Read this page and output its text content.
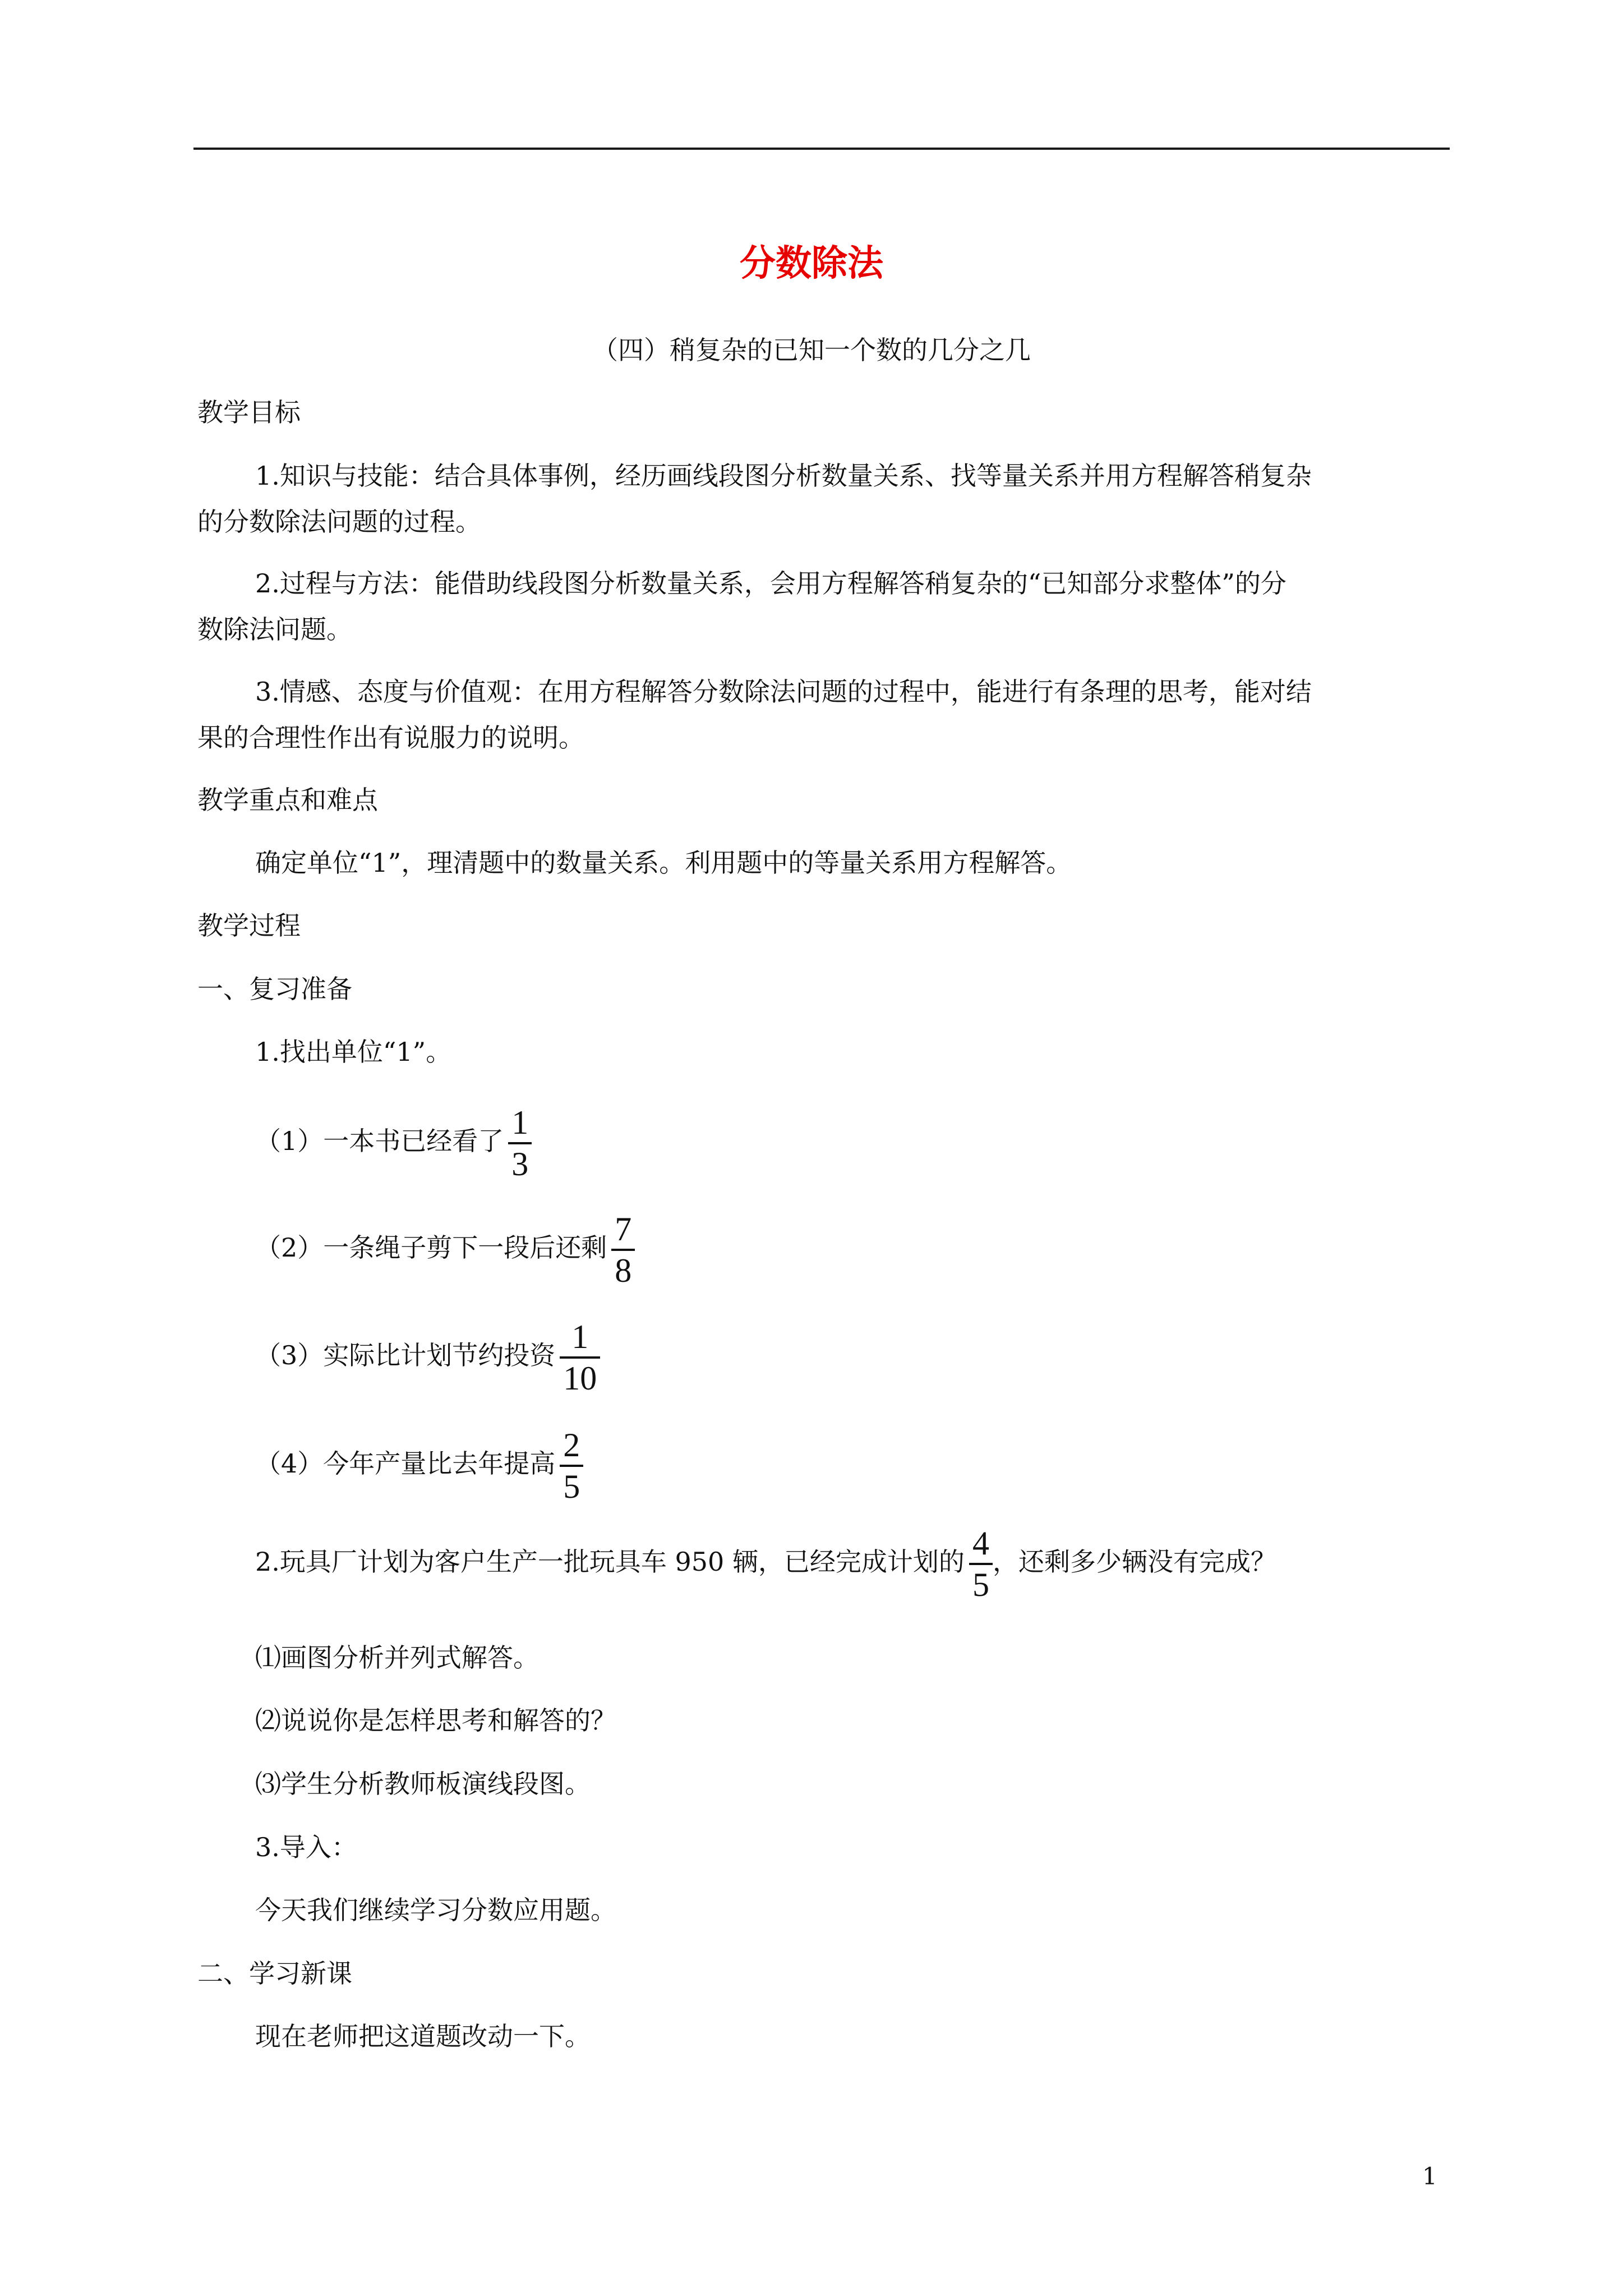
分数除法
（四）稍复杂的已知一个数的几分之几
教学目标
1.知识与技能：结合具体事例，经历画线段图分析数量关系、找等量关系并用方程解答稍复杂
的分数除法问题的过程。
2.过程与方法：能借助线段图分析数量关系，会用方程解答稍复杂的“已知部分求整体”的分
数除法问题。
3.情感、态度与价值观：在用方程解答分数除法问题的过程中，能进行有条理的思考，能对结
果的合理性作出有说服力的说明。
教学重点和难点
确定单位“1”，理清题中的数量关系。利用题中的等量关系用方程解答。
教学过程
一、复习准备
1.找出单位“1”。
（1）一本书已经看了 $\frac{1}{3}$
（2）一条绳子剪下一段后还剩 $\frac{7}{8}$
（3）实际比计划节约投资 $\frac{1}{10}$
（4）今年产量比去年提高 $\frac{2}{5}$
2.玩具厂计划为客户生产一批玩具车 950 辆，已经完成计划的 $\frac{4}{5}$ ，还剩多少辆没有完成？
⑴画图分析并列式解答。
⑵说说你是怎样思考和解答的？
⑶学生分析教师板演线段图。
3.导入：
今天我们继续学习分数应用题。
二、学习新课
现在老师把这道题改动一下。
1
